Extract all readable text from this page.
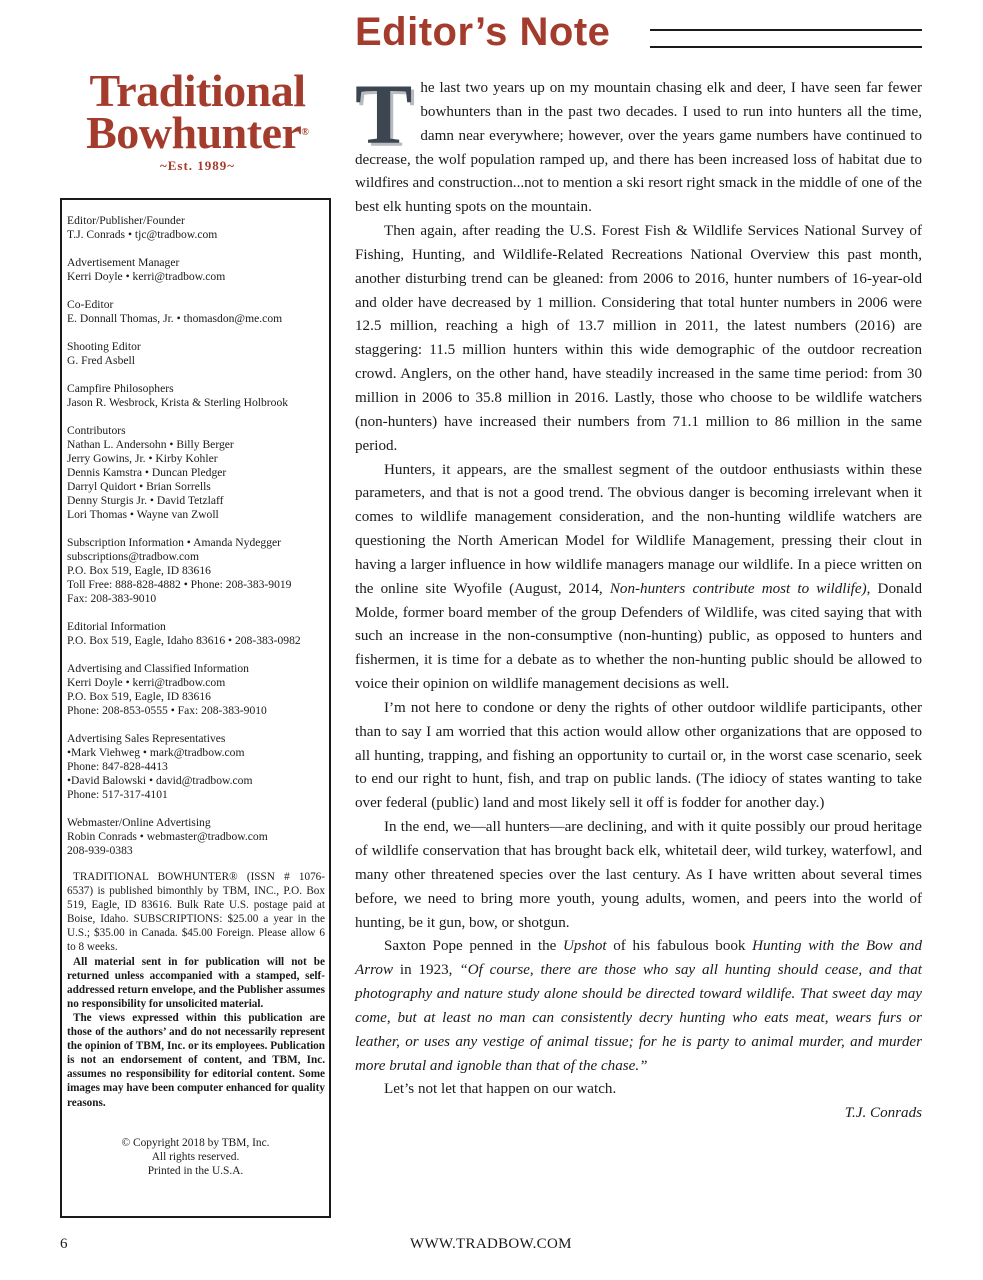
Editor’s Note
Traditional
Bowhunter®
~Est. 1989~
Editor/Publisher/Founder
T.J. Conrads • tjc@tradbow.com
Advertisement Manager
Kerri Doyle • kerri@tradbow.com
Co-Editor
E. Donnall Thomas, Jr. • thomasdon@me.com
Shooting Editor
G. Fred Asbell
Campfire Philosophers
Jason R. Wesbrock, Krista & Sterling Holbrook
Contributors
Nathan L. Andersohn • Billy Berger
Jerry Gowins, Jr. • Kirby Kohler
Dennis Kamstra • Duncan Pledger
Darryl Quidort • Brian Sorrells
Denny Sturgis Jr. • David Tetzlaff
Lori Thomas • Wayne van Zwoll
Subscription Information • Amanda Nydegger
subscriptions@tradbow.com
P.O. Box 519, Eagle, ID 83616
Toll Free: 888-828-4882 • Phone: 208-383-9019
Fax: 208-383-9010
Editorial Information
P.O. Box 519, Eagle, Idaho 83616 • 208-383-0982
Advertising and Classified Information
Kerri Doyle • kerri@tradbow.com
P.O. Box 519, Eagle, ID 83616
Phone: 208-853-0555 • Fax: 208-383-9010
Advertising Sales Representatives
•Mark Viehweg • mark@tradbow.com
Phone: 847-828-4413
•David Balowski • david@tradbow.com
Phone: 517-317-4101
Webmaster/Online Advertising
Robin Conrads • webmaster@tradbow.com
208-939-0383

TRADITIONAL BOWHUNTER® (ISSN # 1076-6537) is published bimonthly by TBM, INC., P.O. Box 519, Eagle, ID 83616. Bulk Rate U.S. postage paid at Boise, Idaho. SUBSCRIPTIONS: $25.00 a year in the U.S.; $35.00 in Canada. $45.00 Foreign. Please allow 6 to 8 weeks.

All material sent in for publication will not be returned unless accompanied with a stamped, self-addressed return envelope, and the Publisher assumes no responsibility for unsolicited material.

The views expressed within this publication are those of the authors’ and do not necessarily represent the opinion of TBM, Inc. or its employees. Publication is not an endorsement of content, and TBM, Inc. assumes no responsibility for editorial content. Some images may have been computer enhanced for quality reasons.

© Copyright 2018 by TBM, Inc.
All rights reserved.
Printed in the U.S.A.

The last two years up on my mountain chasing elk and deer, I have seen far fewer bowhunters than in the past two decades. I used to run into hunters all the time, damn near everywhere; however, over the years game numbers have continued to decrease, the wolf population ramped up, and there has been increased loss of habitat due to wildfires and construction...not to mention a ski resort right smack in the middle of one of the best elk hunting spots on the mountain.

Then again, after reading the U.S. Forest Fish & Wildlife Services National Survey of Fishing, Hunting, and Wildlife-Related Recreations National Overview this past month, another disturbing trend can be gleaned: from 2006 to 2016, hunter numbers of 16-year-old and older have decreased by 1 million. Considering that total hunter numbers in 2006 were 12.5 million, reaching a high of 13.7 million in 2011, the latest numbers (2016) are staggering: 11.5 million hunters within this wide demographic of the outdoor recreation crowd. Anglers, on the other hand, have steadily increased in the same time period: from 30 million in 2006 to 35.8 million in 2016. Lastly, those who choose to be wildlife watchers (non-hunters) have increased their numbers from 71.1 million to 86 million in the same period.

Hunters, it appears, are the smallest segment of the outdoor enthusiasts within these parameters, and that is not a good trend. The obvious danger is becoming irrelevant when it comes to wildlife management consideration, and the non-hunting wildlife watchers are questioning the North American Model for Wildlife Management, pressing their clout in having a larger influence in how wildlife managers manage our wildlife. In a piece written on the online site Wyofile (August, 2014, Non-hunters contribute most to wildlife), Donald Molde, former board member of the group Defenders of Wildlife, was cited saying that with such an increase in the non-consumptive (non-hunting) public, as opposed to hunters and fishermen, it is time for a debate as to whether the non-hunting public should be allowed to voice their opinion on wildlife management decisions as well.

I’m not here to condone or deny the rights of other outdoor wildlife participants, other than to say I am worried that this action would allow other organizations that are opposed to all hunting, trapping, and fishing an opportunity to curtail or, in the worst case scenario, seek to end our right to hunt, fish, and trap on public lands. (The idiocy of states wanting to take over federal (public) land and most likely sell it off is fodder for another day.)

In the end, we—all hunters—are declining, and with it quite possibly our proud heritage of wildlife conservation that has brought back elk, whitetail deer, wild turkey, waterfowl, and many other threatened species over the last century. As I have written about several times before, we need to bring more youth, young adults, women, and peers into the world of hunting, be it gun, bow, or shotgun.

Saxton Pope penned in the Upshot of his fabulous book Hunting with the Bow and Arrow in 1923, “Of course, there are those who say all hunting should cease, and that photography and nature study alone should be directed toward wildlife. That sweet day may come, but at least no man can consistently decry hunting who eats meat, wears furs or leather, or uses any vestige of animal tissue; for he is party to animal murder, and murder more brutal and ignoble than that of the chase.”

Let’s not let that happen on our watch.

T.J. Conrads

6	WWW.TRADBOW.COM
